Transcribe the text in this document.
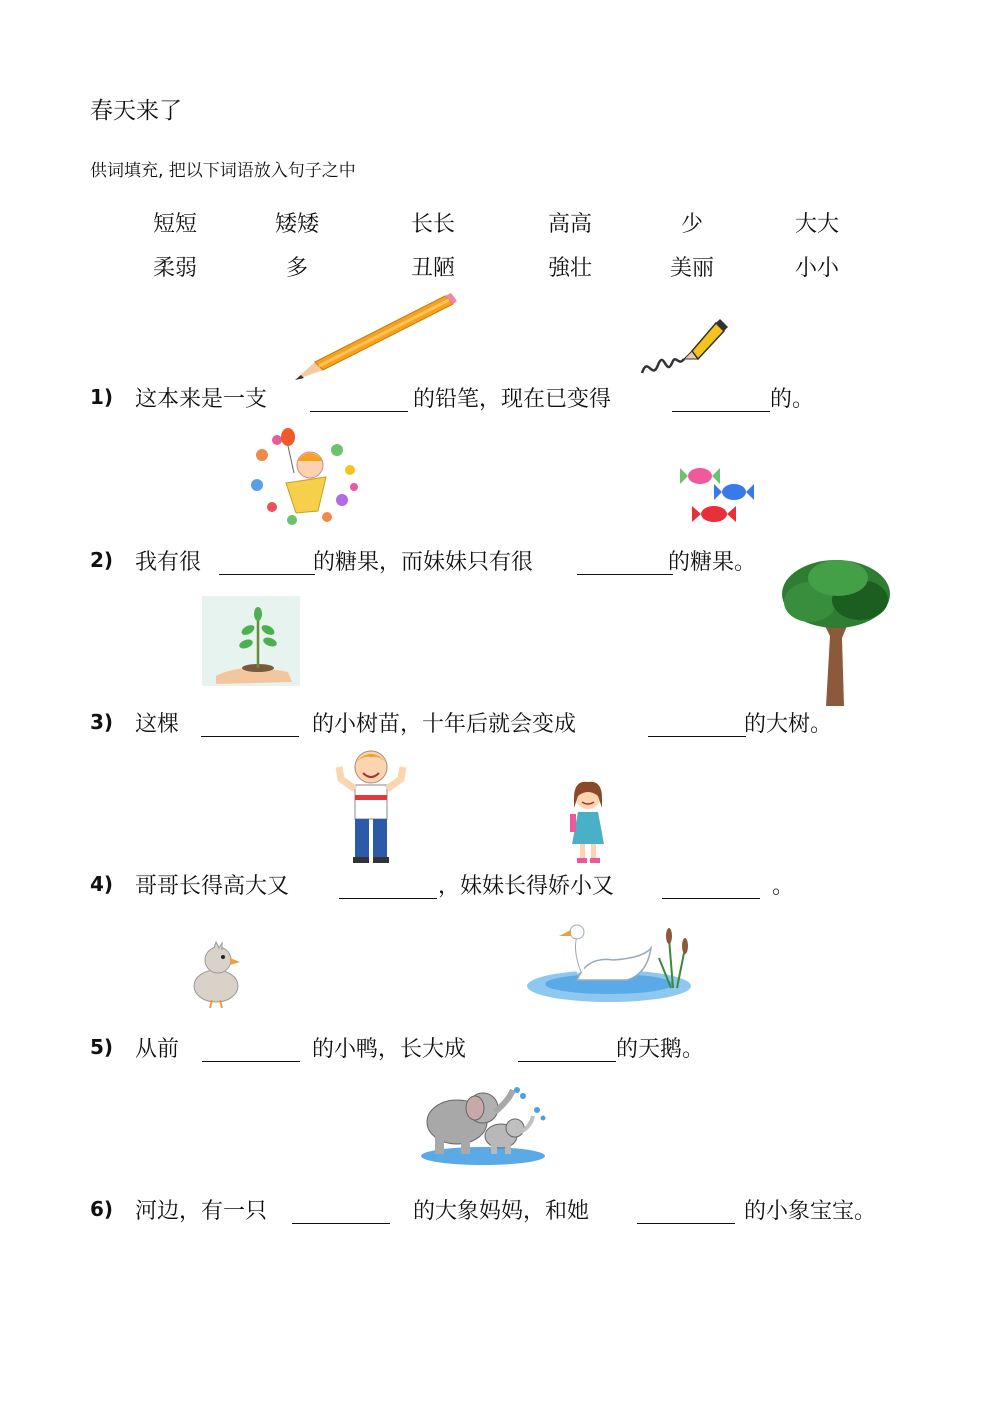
春天来了
供词填充, 把以下词语放入句子之中
短短	矮矮	长长	高高	少	大大
柔弱	多	丑陋	強壮	美丽	小小
1) 这本来是一支	的铅笔，现在已变得	的。
2) 我有很	的糖果，而妹妹只有很	的糖果。
3) 这棵	的小树苗，十年后就会变成	的大树。
4) 哥哥长得高大又	，妹妹长得娇小又	。
5) 从前	的小鸭，长大成	的天鹅。
6) 河边，有一只	的大象妈妈，和她	的小象宝宝。
